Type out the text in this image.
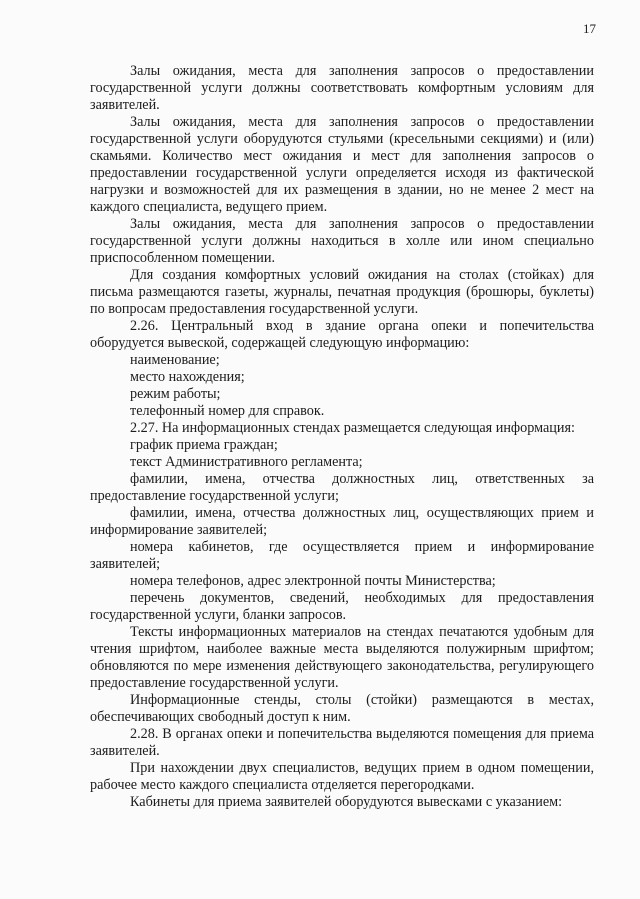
17

Залы ожидания, места для заполнения запросов о предоставлении государственной услуги должны соответствовать комфортным условиям для заявителей.

Залы ожидания, места для заполнения запросов о предоставлении государственной услуги оборудуются стульями (кресельными секциями) и (или) скамьями. Количество мест ожидания и мест для заполнения запросов о предоставлении государственной услуги определяется исходя из фактической нагрузки и возможностей для их размещения в здании, но не менее 2 мест на каждого специалиста, ведущего прием.

Залы ожидания, места для заполнения запросов о предоставлении государственной услуги должны находиться в холле или ином специально приспособленном помещении.

Для создания комфортных условий ожидания на столах (стойках) для письма размещаются газеты, журналы, печатная продукция (брошюры, буклеты) по вопросам предоставления государственной услуги.

2.26. Центральный вход в здание органа опеки и попечительства оборудуется вывеской, содержащей следующую информацию:

наименование;

место нахождения;

режим работы;

телефонный номер для справок.

2.27. На информационных стендах размещается следующая информация:

график приема граждан;

текст Административного регламента;

фамилии, имена, отчества должностных лиц, ответственных за предоставление государственной услуги;

фамилии, имена, отчества должностных лиц, осуществляющих прием и информирование заявителей;

номера кабинетов, где осуществляется прием и информирование заявителей;

номера телефонов, адрес электронной почты Министерства;

перечень документов, сведений, необходимых для предоставления государственной услуги, бланки запросов.

Тексты информационных материалов на стендах печатаются удобным для чтения шрифтом, наиболее важные места выделяются полужирным шрифтом; обновляются по мере изменения действующего законодательства, регулирующего предоставление государственной услуги.

Информационные стенды, столы (стойки) размещаются в местах, обеспечивающих свободный доступ к ним.

2.28. В органах опеки и попечительства выделяются помещения для приема заявителей.

При нахождении двух специалистов, ведущих прием в одном помещении, рабочее место каждого специалиста отделяется перегородками.

Кабинеты для приема заявителей оборудуются вывесками с указанием:
